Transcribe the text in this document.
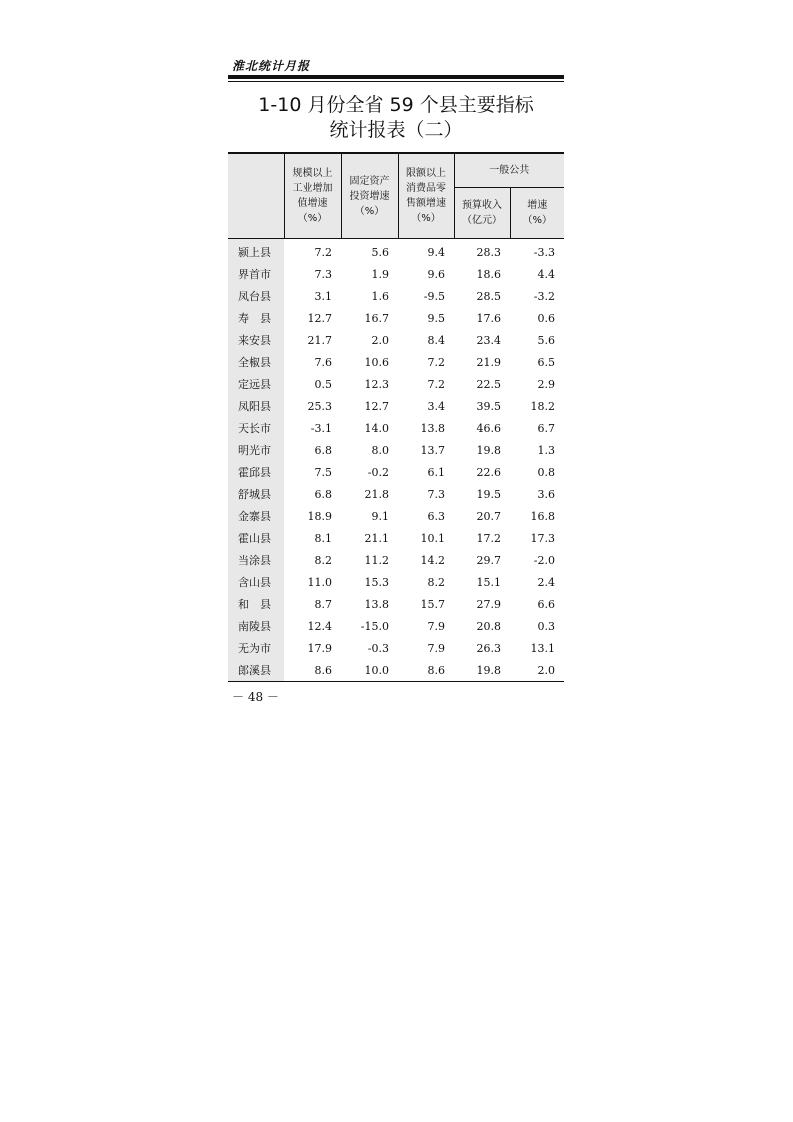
淮北统计月报
1-10 月份全省 59 个县主要指标
统计报表（二）
	规模以上
工业增加
值增速
（%）	固定资产
投资增速
（%）	限额以上
消费品零
售额增速
（%）	一般公共	
				预算收入
（亿元）	增速
（%）
颍上县	7.2	5.6	9.4	28.3	-3.3
界首市	7.3	1.9	9.6	18.6	4.4
凤台县	3.1	1.6	-9.5	28.5	-3.2
寿　县	12.7	16.7	9.5	17.6	0.6
来安县	21.7	2.0	8.4	23.4	5.6
全椒县	7.6	10.6	7.2	21.9	6.5
定远县	0.5	12.3	7.2	22.5	2.9
凤阳县	25.3	12.7	3.4	39.5	18.2
天长市	-3.1	14.0	13.8	46.6	6.7
明光市	6.8	8.0	13.7	19.8	1.3
霍邱县	7.5	-0.2	6.1	22.6	0.8
舒城县	6.8	21.8	7.3	19.5	3.6
金寨县	18.9	9.1	6.3	20.7	16.8
霍山县	8.1	21.1	10.1	17.2	17.3
当涂县	8.2	11.2	14.2	29.7	-2.0
含山县	11.0	15.3	8.2	15.1	2.4
和　县	8.7	13.8	15.7	27.9	6.6
南陵县	12.4	-15.0	7.9	20.8	0.3
无为市	17.9	-0.3	7.9	26.3	13.1
郎溪县	8.6	10.0	8.6	19.8	2.0
－ 48 －
